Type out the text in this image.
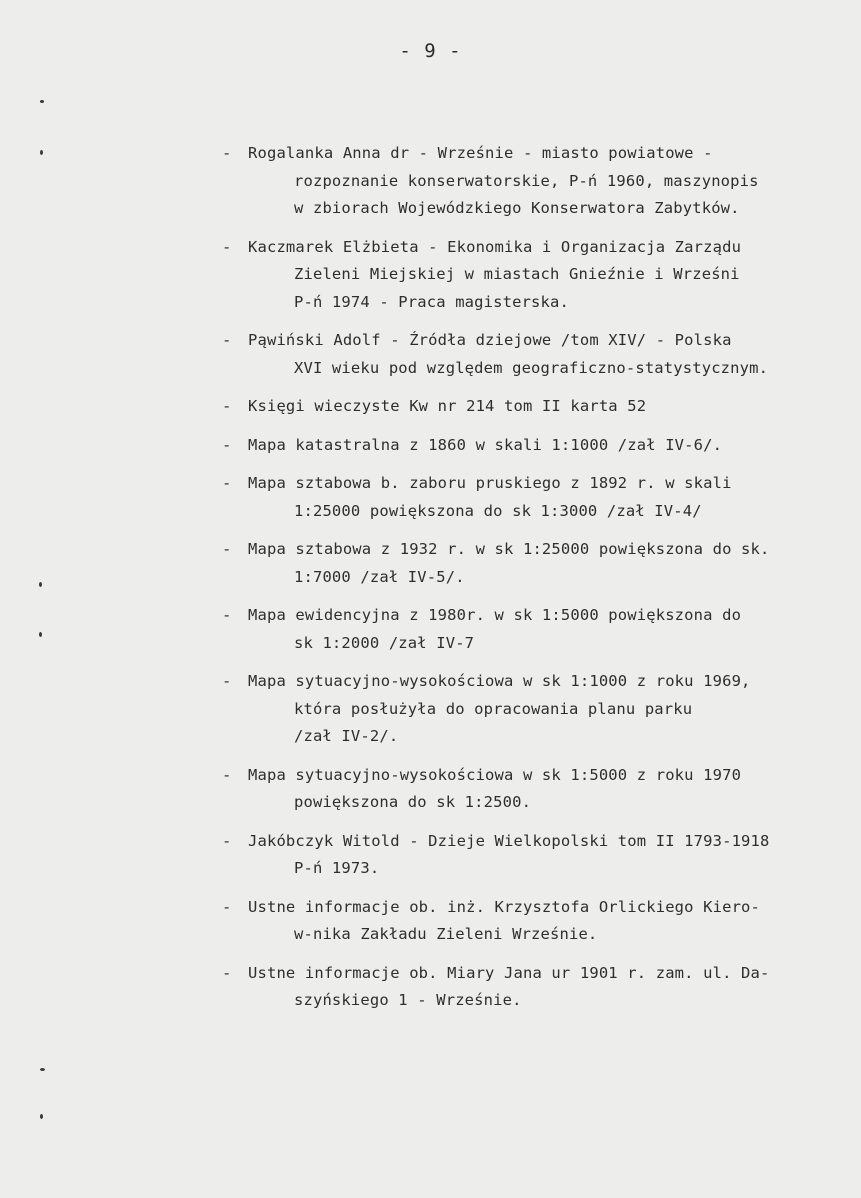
- 9 -
- Rogalanka Anna dr - Wrześnie - miasto powiatowe -
rozpoznanie konserwatorskie, P-ń 1960, maszynopis
w zbiorach Wojewódzkiego Konserwatora Zabytków.
- Kaczmarek Elżbieta - Ekonomika i Organizacja Zarządu
Zieleni Miejskiej w miastach Gnieźnie i Wrześni
P-ń 1974 - Praca magisterska.
- Pąwiński Adolf - Źródła dziejowe /tom XIV/ - Polska
XVI wieku pod względem geograficzno-statystycznym.
- Księgi wieczyste Kw nr 214 tom II karta 52
- Mapa katastralna z 1860 w skali 1:1000 /zał IV-6/.
- Mapa sztabowa b. zaboru pruskiego z 1892 r. w skali
1:25000 powiększona do sk 1:3000 /zał IV-4/
- Mapa sztabowa z 1932 r. w sk 1:25000 powiększona do sk.
1:7000 /zał IV-5/.
- Mapa ewidencyjna z 1980r. w sk 1:5000 powiększona do
sk 1:2000 /zał IV-7
- Mapa sytuacyjno-wysokościowa w sk 1:1000 z roku 1969,
która posłużyła do opracowania planu parku
/zał IV-2/.
- Mapa sytuacyjno-wysokościowa w sk 1:5000 z roku 1970
powiększona do sk 1:2500.
- Jakóbczyk Witold - Dzieje Wielkopolski tom II 1793-1918
P-ń 1973.
- Ustne informacje ob. inż. Krzysztofa Orlickiego Kiero-
w-nika Zakładu Zieleni Wrześnie.
- Ustne informacje ob. Miary Jana ur 1901 r. zam. ul. Da-
szyńskiego 1 - Wrześnie.
